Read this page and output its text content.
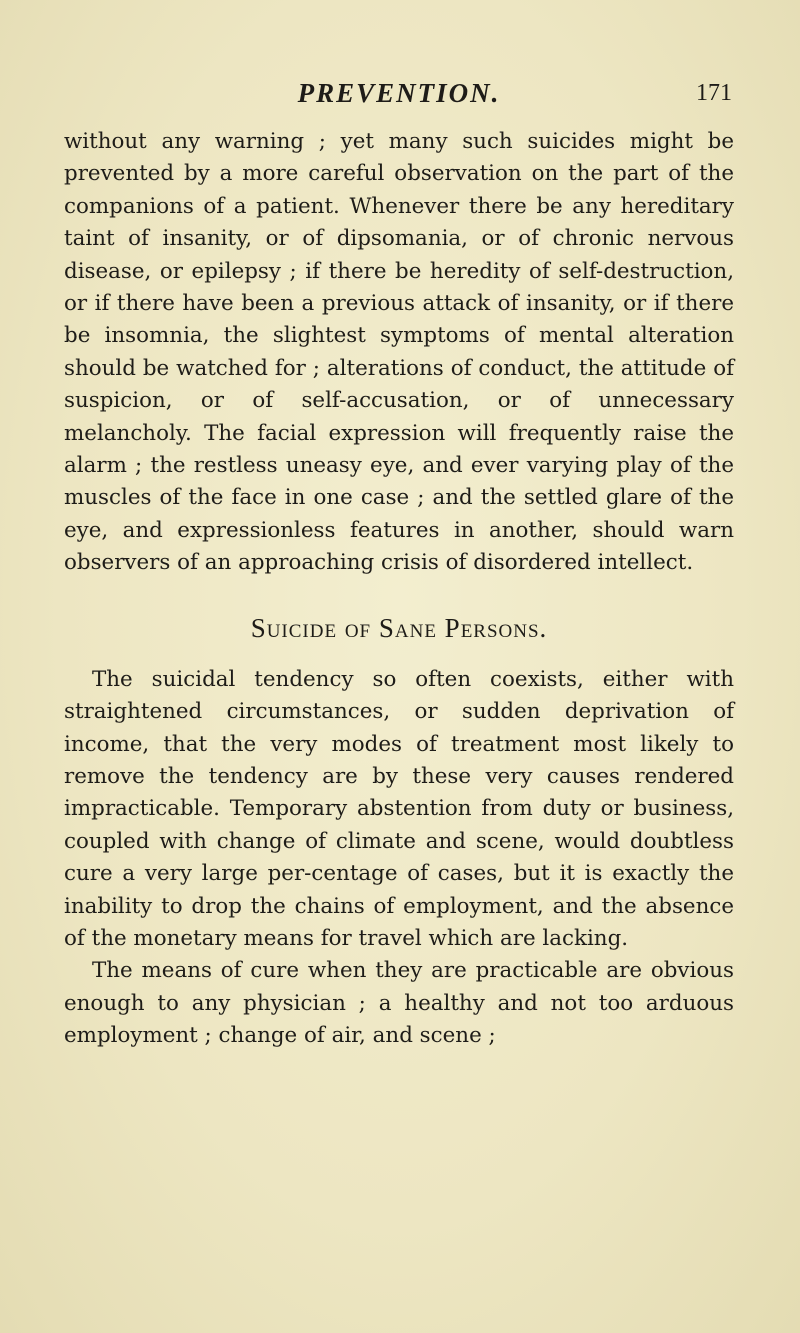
PREVENTION.	171

without any warning ; yet many such suicides might be prevented by a more careful observation on the part of the companions of a patient. Whenever there be any hereditary taint of insanity, or of dipsomania, or of chronic nervous disease, or epilepsy ; if there be heredity of self-destruction, or if there have been a previous attack of insanity, or if there be insomnia, the slightest symptoms of mental alteration should be watched for ; alterations of conduct, the attitude of suspicion, or of self-accusation, or of unnecessary melancholy. The facial expression will frequently raise the alarm ; the restless uneasy eye, and ever varying play of the muscles of the face in one case ; and the settled glare of the eye, and expressionless features in another, should warn observers of an approaching crisis of disordered intellect.

Suicide of Sane Persons.

The suicidal tendency so often coexists, either with straightened circumstances, or sudden deprivation of income, that the very modes of treatment most likely to remove the tendency are by these very causes rendered impracticable. Temporary abstention from duty or business, coupled with change of climate and scene, would doubtless cure a very large per-centage of cases, but it is exactly the inability to drop the chains of employment, and the absence of the monetary means for travel which are lacking.

The means of cure when they are practicable are obvious enough to any physician ; a healthy and not too arduous employment ; change of air, and scene ;
